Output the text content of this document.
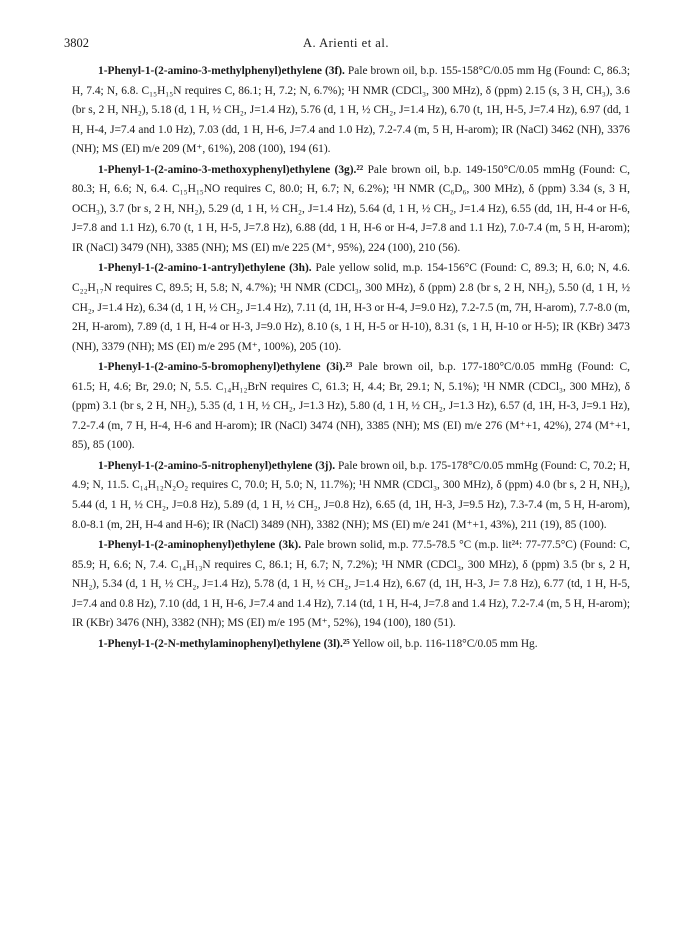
3802	A. Arienti et al.

1-Phenyl-1-(2-amino-3-methylphenyl)ethylene (3f). Pale brown oil, b.p. 155-158°C/0.05 mm Hg (Found: C, 86.3; H, 7.4; N, 6.8. C₁₅H₁₅N requires C, 86.1; H, 7.2; N, 6.7%); ¹H NMR (CDCl₃, 300 MHz), δ (ppm) 2.15 (s, 3 H, CH₃), 3.6 (br s, 2 H, NH₂), 5.18 (d, 1 H, ½ CH₂, J=1.4 Hz), 5.76 (d, 1 H, ½ CH₂, J=1.4 Hz), 6.70 (t, 1H, H-5, J=7.4 Hz), 6.97 (dd, 1 H, H-4, J=7.4 and 1.0 Hz), 7.03 (dd, 1 H, H-6, J=7.4 and 1.0 Hz), 7.2-7.4 (m, 5 H, H-arom); IR (NaCl) 3462 (NH), 3376 (NH); MS (EI) m/e 209 (M⁺, 61%), 208 (100), 194 (61).

1-Phenyl-1-(2-amino-3-methoxyphenyl)ethylene (3g).²² Pale brown oil, b.p. 149-150°C/0.05 mmHg (Found: C, 80.3; H, 6.6; N, 6.4. C₁₅H₁₅NO requires C, 80.0; H, 6.7; N, 6.2%); ¹H NMR (C₆D₆, 300 MHz), δ (ppm) 3.34 (s, 3 H, OCH₃), 3.7 (br s, 2 H, NH₂), 5.29 (d, 1 H, ½ CH₂, J=1.4 Hz), 5.64 (d, 1 H, ½ CH₂, J=1.4 Hz), 6.55 (dd, 1H, H-4 or H-6, J=7.8 and 1.1 Hz), 6.70 (t, 1 H, H-5, J=7.8 Hz), 6.88 (dd, 1 H, H-6 or H-4, J=7.8 and 1.1 Hz), 7.0-7.4 (m, 5 H, H-arom); IR (NaCl) 3479 (NH), 3385 (NH); MS (EI) m/e 225 (M⁺, 95%), 224 (100), 210 (56).

1-Phenyl-1-(2-amino-1-antryl)ethylene (3h). Pale yellow solid, m.p. 154-156°C (Found: C, 89.3; H, 6.0; N, 4.6. C₂₂H₁₇N requires C, 89.5; H, 5.8; N, 4.7%); ¹H NMR (CDCl₃, 300 MHz), δ (ppm) 2.8 (br s, 2 H, NH₂), 5.50 (d, 1 H, ½ CH₂, J=1.4 Hz), 6.34 (d, 1 H, ½ CH₂, J=1.4 Hz), 7.11 (d, 1H, H-3 or H-4, J=9.0 Hz), 7.2-7.5 (m, 7H, H-arom), 7.7-8.0 (m, 2H, H-arom), 7.89 (d, 1 H, H-4 or H-3, J=9.0 Hz), 8.10 (s, 1 H, H-5 or H-10), 8.31 (s, 1 H, H-10 or H-5); IR (KBr) 3473 (NH), 3379 (NH); MS (EI) m/e 295 (M⁺, 100%), 205 (10).

1-Phenyl-1-(2-amino-5-bromophenyl)ethylene (3i).²³ Pale brown oil, b.p. 177-180°C/0.05 mmHg (Found: C, 61.5; H, 4.6; Br, 29.0; N, 5.5. C₁₄H₁₂BrN requires C, 61.3; H, 4.4; Br, 29.1; N, 5.1%); ¹H NMR (CDCl₃, 300 MHz), δ (ppm) 3.1 (br s, 2 H, NH₂), 5.35 (d, 1 H, ½ CH₂, J=1.3 Hz), 5.80 (d, 1 H, ½ CH₂, J=1.3 Hz), 6.57 (d, 1H, H-3, J=9.1 Hz), 7.2-7.4 (m, 7 H, H-4, H-6 and H-arom); IR (NaCl) 3474 (NH), 3385 (NH); MS (EI) m/e 276 (M⁺+1, 42%), 274 (M⁺+1, 85), 85 (100).

1-Phenyl-1-(2-amino-5-nitrophenyl)ethylene (3j). Pale brown oil, b.p. 175-178°C/0.05 mmHg (Found: C, 70.2; H, 4.9; N, 11.5. C₁₄H₁₂N₂O₂ requires C, 70.0; H, 5.0; N, 11.7%); ¹H NMR (CDCl₃, 300 MHz), δ (ppm) 4.0 (br s, 2 H, NH₂), 5.44 (d, 1 H, ½ CH₂, J=0.8 Hz), 5.89 (d, 1 H, ½ CH₂, J=0.8 Hz), 6.65 (d, 1H, H-3, J=9.5 Hz), 7.3-7.4 (m, 5 H, H-arom), 8.0-8.1 (m, 2H, H-4 and H-6); IR (NaCl) 3489 (NH), 3382 (NH); MS (EI) m/e 241 (M⁺+1, 43%), 211 (19), 85 (100).

1-Phenyl-1-(2-aminophenyl)ethylene (3k). Pale brown solid, m.p. 77.5-78.5 °C (m.p. lit²⁴: 77-77.5°C) (Found: C, 85.9; H, 6.6; N, 7.4. C₁₄H₁₃N requires C, 86.1; H, 6.7; N, 7.2%); ¹H NMR (CDCl₃, 300 MHz), δ (ppm) 3.5 (br s, 2 H, NH₂), 5.34 (d, 1 H, ½ CH₂, J=1.4 Hz), 5.78 (d, 1 H, ½ CH₂, J=1.4 Hz), 6.67 (d, 1H, H-3, J= 7.8 Hz), 6.77 (td, 1 H, H-5, J=7.4 and 0.8 Hz), 7.10 (dd, 1 H, H-6, J=7.4 and 1.4 Hz), 7.14 (td, 1 H, H-4, J=7.8 and 1.4 Hz), 7.2-7.4 (m, 5 H, H-arom); IR (KBr) 3476 (NH), 3382 (NH); MS (EI) m/e 195 (M⁺, 52%), 194 (100), 180 (51).

1-Phenyl-1-(2-N-methylaminophenyl)ethylene (3l).²⁵ Yellow oil, b.p. 116-118°C/0.05 mm Hg.
